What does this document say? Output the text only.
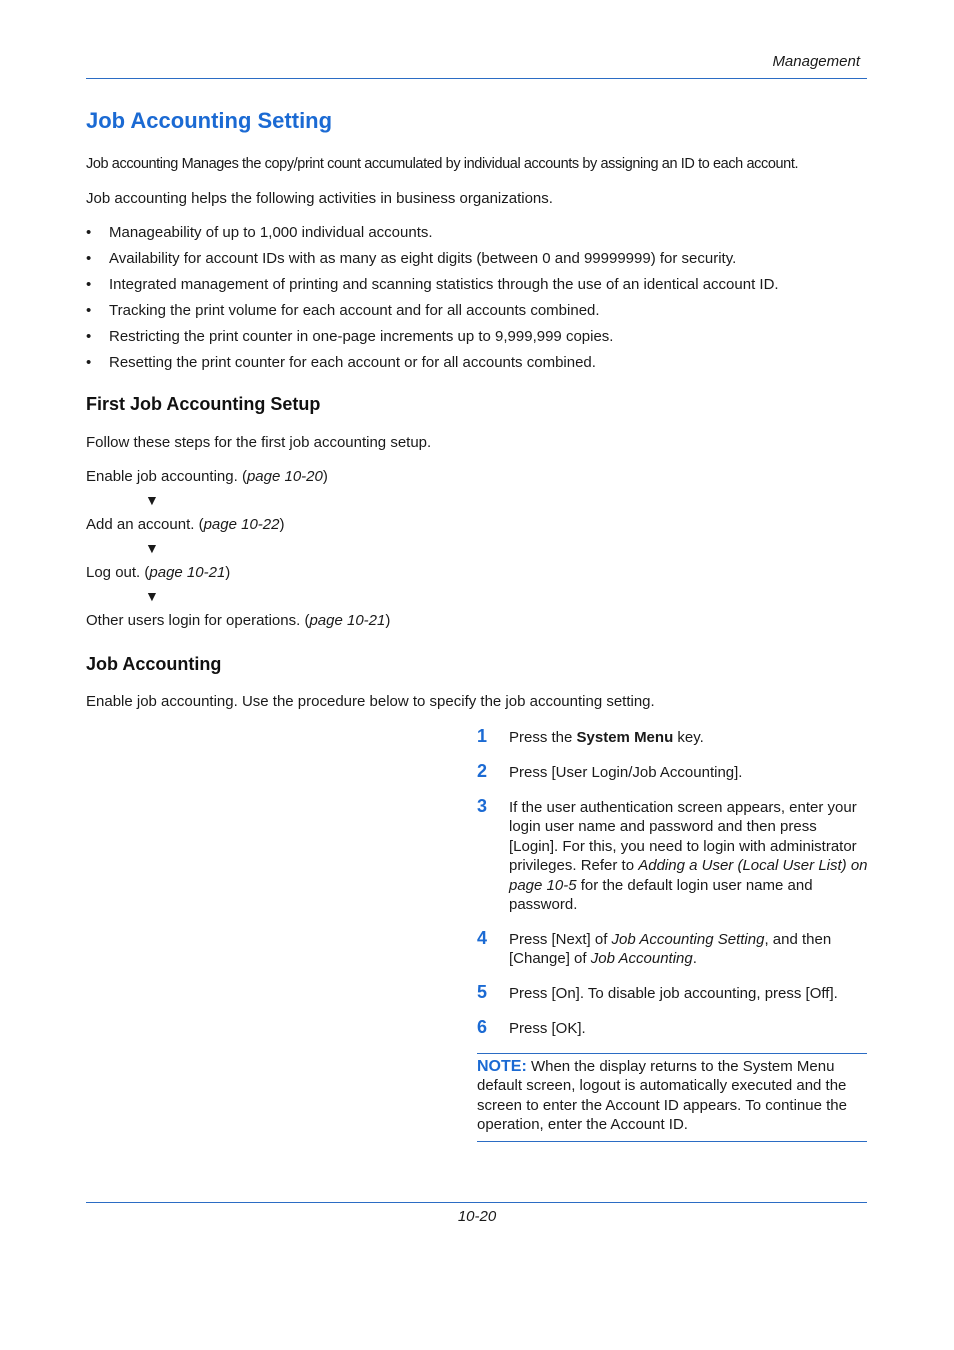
Management
Job Accounting Setting
Job accounting Manages the copy/print count accumulated by individual accounts by assigning an ID to each account.
Job accounting helps the following activities in business organizations.
• Manageability of up to 1,000 individual accounts.
• Availability for account IDs with as many as eight digits (between 0 and 99999999) for security.
• Integrated management of printing and scanning statistics through the use of an identical account ID.
• Tracking the print volume for each account and for all accounts combined.
• Restricting the print counter in one-page increments up to 9,999,999 copies.
• Resetting the print counter for each account or for all accounts combined.
First Job Accounting Setup
Follow these steps for the first job accounting setup.
Enable job accounting. (page 10-20)
▼
Add an account. (page 10-22)
▼
Log out. (page 10-21)
▼
Other users login for operations. (page 10-21)
Job Accounting
Enable job accounting. Use the procedure below to specify the job accounting setting.
1 Press the System Menu key.
2 Press [User Login/Job Accounting].
3 If the user authentication screen appears, enter your login user name and password and then press [Login]. For this, you need to login with administrator privileges. Refer to Adding a User (Local User List) on page 10-5 for the default login user name and password.
4 Press [Next] of Job Accounting Setting, and then [Change] of Job Accounting.
5 Press [On]. To disable job accounting, press [Off].
6 Press [OK].
NOTE: When the display returns to the System Menu default screen, logout is automatically executed and the screen to enter the Account ID appears. To continue the operation, enter the Account ID.
10-20
